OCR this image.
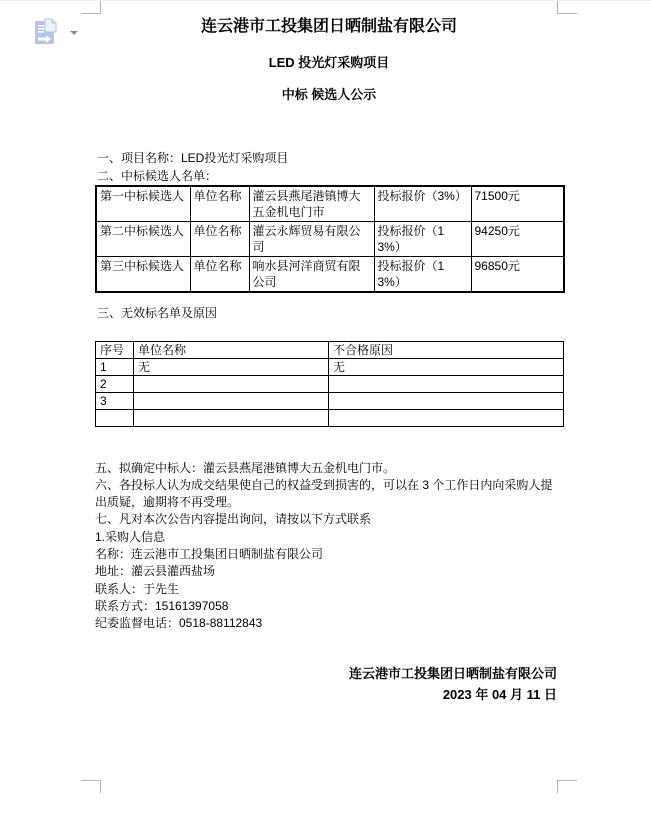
连云港市工投集团日晒制盐有限公司
LED 投光灯采购项目
中标 候选人公示

一、项目名称：LED投光灯采购项目

二、中标候选人名单：

第一中标候选人	单位名称	灌云县燕尾港镇博大五金机电门市	投标报价（3%）	71500元
第二中标候选人	单位名称	灌云永辉贸易有限公司	投标报价（13%）	94250元
第三中标候选人	单位名称	响水县河洋商贸有限公司	投标报价（13%）	96850元

三、无效标名单及原因

序号	单位名称	不合格原因
1	无	无
2		
3		

五、拟确定中标人：灌云县燕尾港镇博大五金机电门市。

六、各投标人认为成交结果使自己的权益受到损害的，可以在 3 个工作日内向采购人提出质疑，逾期将不再受理。

七、凡对本次公告内容提出询问，请按以下方式联系

1.采购人信息

名称：连云港市工投集团日晒制盐有限公司

地址：灌云县灌西盐场

联系人：于先生

联系方式：15161397058

纪委监督电话：0518-88112843

连云港市工投集团日晒制盐有限公司

2023 年 04 月 11 日
